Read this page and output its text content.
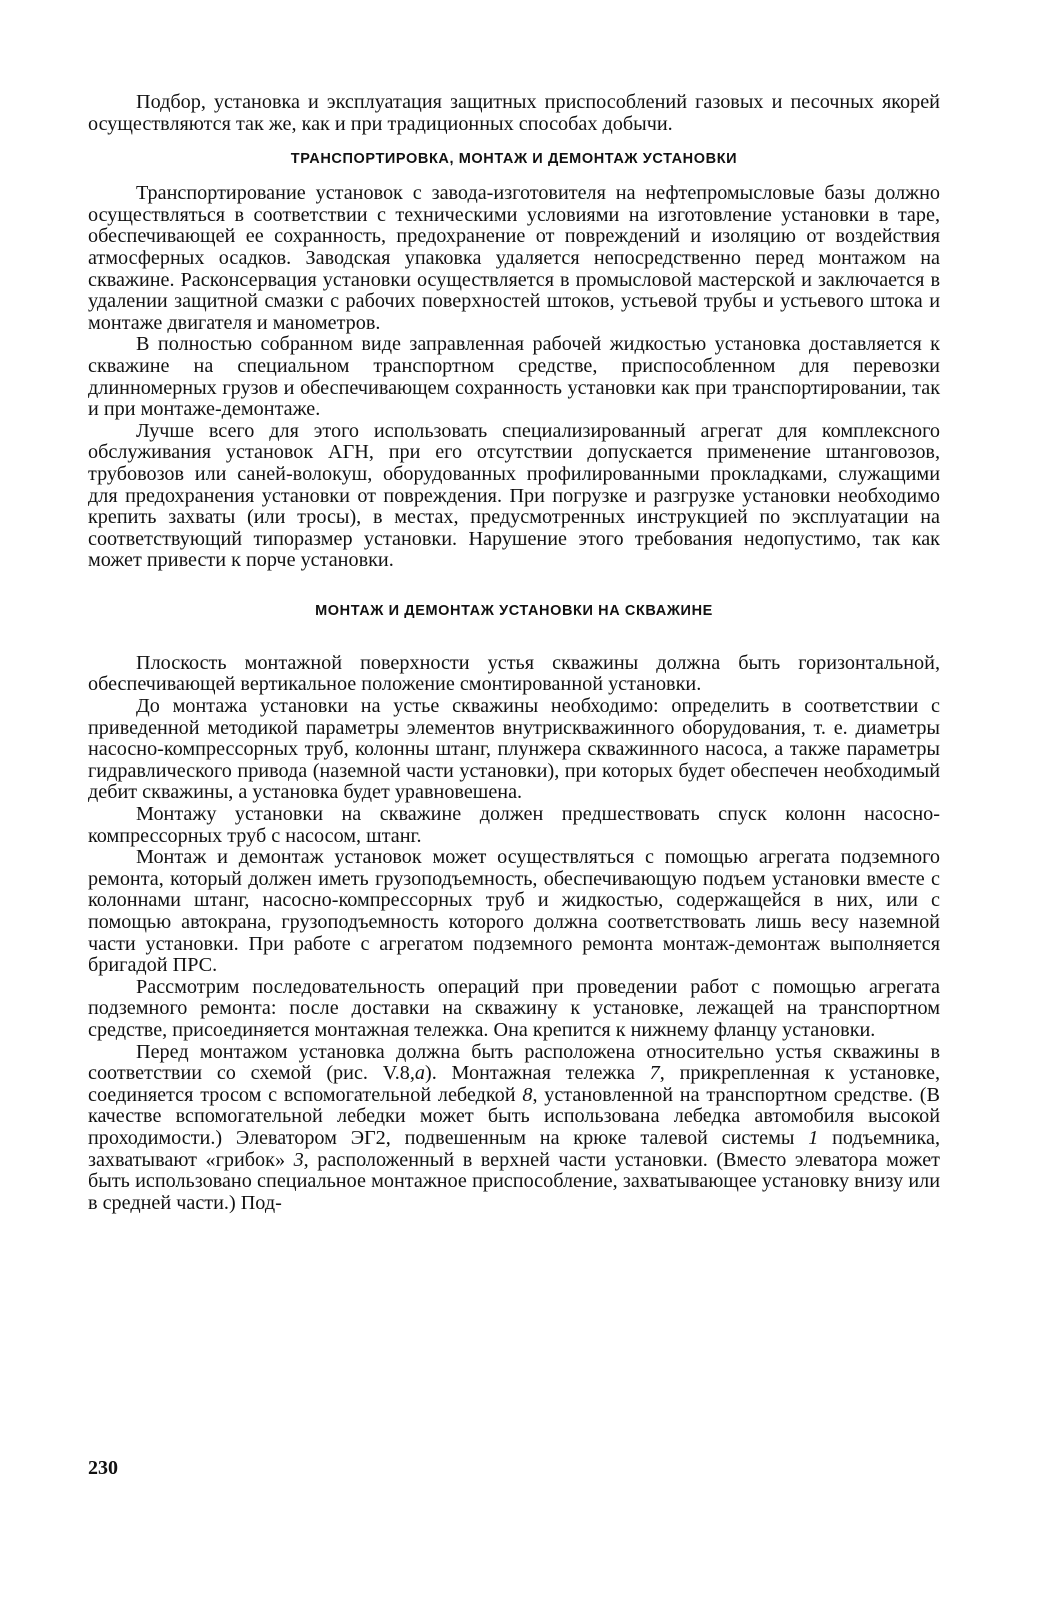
Подбор, установка и эксплуатация защитных приспособлений газовых и песочных якорей осуществляются так же, как и при традиционных способах добычи.

ТРАНСПОРТИРОВКА, МОНТАЖ И ДЕМОНТАЖ УСТАНОВКИ

Транспортирование установок с завода-изготовителя на нефтепромысловые базы должно осуществляться в соответствии с техническими условиями на изготовление установки в таре, обеспечивающей ее сохранность, предохранение от повреждений и изоляцию от воздействия атмосферных осадков. Заводская упаковка удаляется непосредственно перед монтажом на скважине. Расконсервация установки осуществляется в промысловой мастерской и заключается в удалении защитной смазки с рабочих поверхностей штоков, устьевой трубы и устьевого штока и монтаже двигателя и манометров.

В полностью собранном виде заправленная рабочей жидкостью установка доставляется к скважине на специальном транспортном средстве, приспособленном для перевозки длинномерных грузов и обеспечивающем сохранность установки как при транспортировании, так и при монтаже-демонтаже.

Лучше всего для этого использовать специализированный агрегат для комплексного обслуживания установок АГН, при его отсутствии допускается применение штанговозов, трубовозов или саней-волокуш, оборудованных профилированными прокладками, служащими для предохранения установки от повреждения. При погрузке и разгрузке установки необходимо крепить захваты (или тросы), в местах, предусмотренных инструкцией по эксплуатации на соответствующий типоразмер установки. Нарушение этого требования недопустимо, так как может привести к порче установки.

МОНТАЖ И ДЕМОНТАЖ УСТАНОВКИ НА СКВАЖИНЕ

Плоскость монтажной поверхности устья скважины должна быть горизонтальной, обеспечивающей вертикальное положение смонтированной установки.

До монтажа установки на устье скважины необходимо: определить в соответствии с приведенной методикой параметры элементов внутрискважинного оборудования, т. е. диаметры насосно-компрессорных труб, колонны штанг, плунжера скважинного насоса, а также параметры гидравлического привода (наземной части установки), при которых будет обеспечен необходимый дебит скважины, а установка будет уравновешена.

Монтажу установки на скважине должен предшествовать спуск колонн насосно-компрессорных труб с насосом, штанг.

Монтаж и демонтаж установок может осуществляться с помощью агрегата подземного ремонта, который должен иметь грузоподъемность, обеспечивающую подъем установки вместе с колоннами штанг, насосно-компрессорных труб и жидкостью, содержащейся в них, или с помощью автокрана, грузоподъемность которого должна соответствовать лишь весу наземной части установки. При работе с агрегатом подземного ремонта монтаж-демонтаж выполняется бригадой ПРС.

Рассмотрим последовательность операций при проведении работ с помощью агрегата подземного ремонта: после доставки на скважину к установке, лежащей на транспортном средстве, присоединяется монтажная тележка. Она крепится к нижнему фланцу установки.

Перед монтажом установка должна быть расположена относительно устья скважины в соответствии со схемой (рис. V.8,а). Монтажная тележка 7, прикрепленная к установке, соединяется тросом с вспомогательной лебедкой 8, установленной на транспортном средстве. (В качестве вспомогательной лебедки может быть использована лебедка автомобиля высокой проходимости.) Элеватором ЭГ2, подвешенным на крюке талевой системы 1 подъемника, захватывают «грибок» 3, расположенный в верхней части установки. (Вместо элеватора может быть использовано специальное монтажное приспособление, захватывающее установку внизу или в средней части.) Под-

230
